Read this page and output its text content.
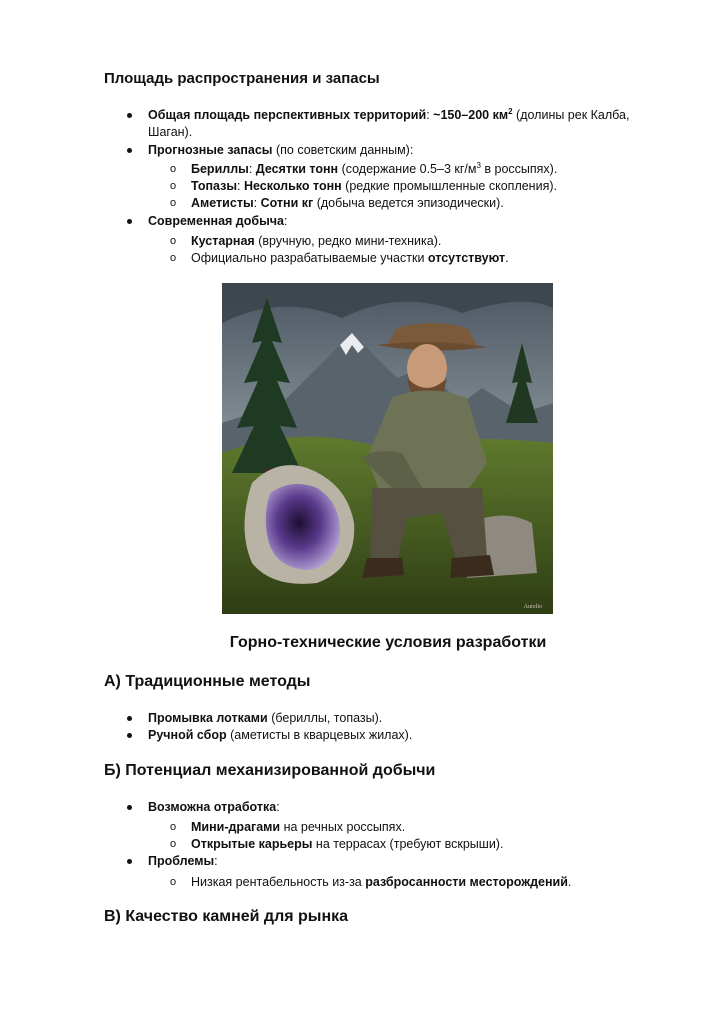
Площадь распространения и запасы
Общая площадь перспективных территорий: ~150–200 $км^2$ (долины рек Калба,
Шаган).
Прогнозные запасы (по советским данным):
o Бериллы: Десятки тонн (содержание 0.5–3 $кг/м^3$ в россыпях).
o Топазы: Несколько тонн (редкие промышленные скопления).
o Аметисты: Сотни кг (добыча ведется эпизодически).
Современная добыча:
o Кустарная (вручную, редко мини-техника).
o Официально разрабатываемые участки отсутствуют.
Aurelio
Горно-технические условия разработки
А) Традиционные методы
Промывка лотками (бериллы, топазы).
Ручной сбор (аметисты в кварцевых жилах).
Б) Потенциал механизированной добычи
Возможна отработка:
o Мини-драгами на речных россыпях.
o Открытые карьеры на террасах (требуют вскрыши).
Проблемы:
o Низкая рентабельность из-за разбросанности месторождений.
В) Качество камней для рынка
